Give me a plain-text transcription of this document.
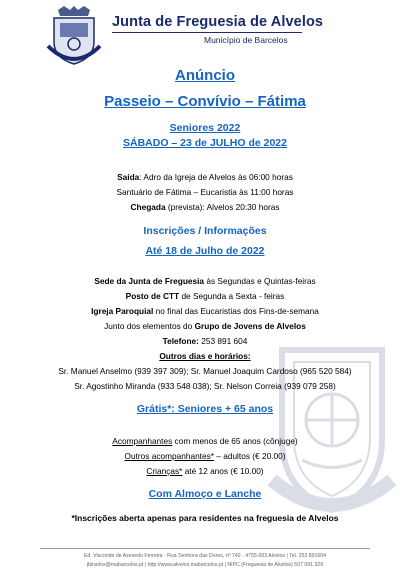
Junta de Freguesia de Alvelos
Município de Barcelos
Anúncio
Passeio – Convívio – Fátima
Seniores 2022
SÁBADO – 23 de JULHO de 2022
Saída: Adro da Igreja de Alvelos às 06:00 horas
Santuário de Fátima – Eucaristia às 11:00 horas
Chegada (prevista): Alvelos 20:30 horas
Inscrições / Informações
Até 18 de Julho de 2022
Sede da Junta de Freguesia às Segundas e Quintas-feiras
Posto de CTT de Segunda a Sexta - feiras
Igreja Paroquial no final das Eucaristias dos Fins-de-semana
Junto dos elementos do Grupo de Jovens de Alvelos
Telefone: 253 891 604
Outros dias e horários:
Sr. Manuel Anselmo (939 397 309); Sr. Manuel Joaquim Cardoso (965 520 584)
Sr. Agostinho Miranda (933 548 038); Sr. Nelson Correia (939 079 258)
Grátis*: Seniores + 65 anos
Acompanhantes com menos de 65 anos (cônjuge)
Outros acompanhantes* – adultos (€ 20.00)
Crianças* até 12 anos (€ 10.00)
Com Almoço e Lanche
*Inscrições aberta apenas para residentes na freguesia de Alvelos
Ed. Visconde de Azevedo Ferreira · Rua Senhora das Dores, nº 742 · 4755-003 Alvelos | Tel. 253 891604
jfalvelos@mabarcelos.pt | http://www.alvelos.mabarcelos.pt | NIPC (Freguesia de Alvelos) 507 091 329
